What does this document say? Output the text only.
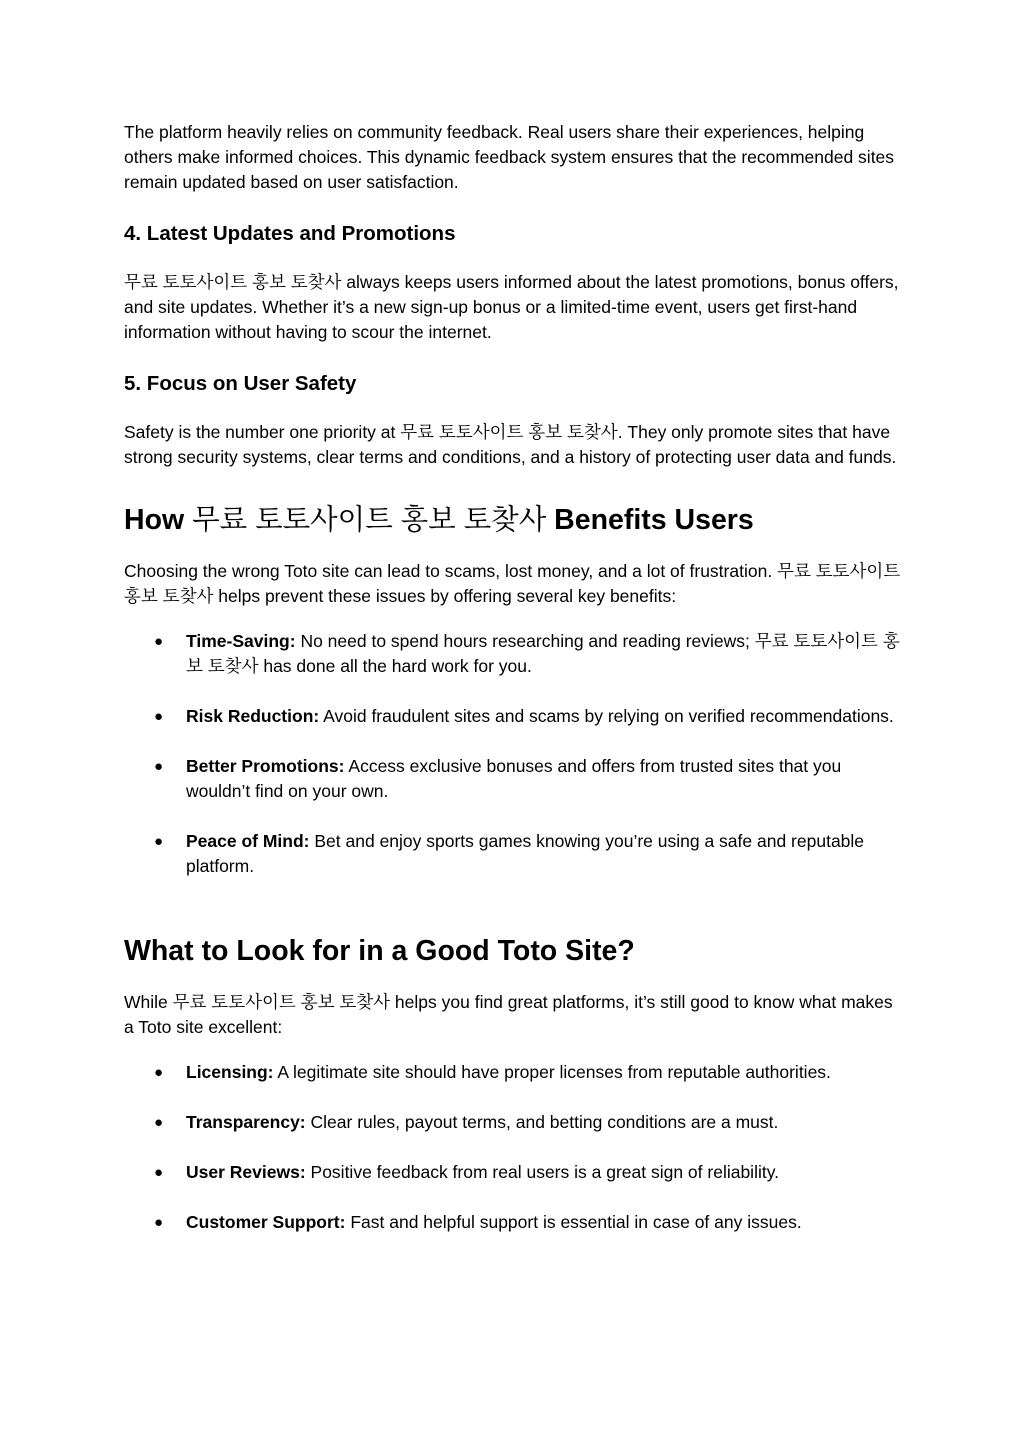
The platform heavily relies on community feedback. Real users share their experiences, helping others make informed choices. This dynamic feedback system ensures that the recommended sites remain updated based on user satisfaction.

4. Latest Updates and Promotions

무료 토토사이트 홍보 토찾사 always keeps users informed about the latest promotions, bonus offers, and site updates. Whether it’s a new sign-up bonus or a limited-time event, users get first-hand information without having to scour the internet.

5. Focus on User Safety

Safety is the number one priority at 무료 토토사이트 홍보 토찾사. They only promote sites that have strong security systems, clear terms and conditions, and a history of protecting user data and funds.

How 무료 토토사이트 홍보 토찾사 Benefits Users

Choosing the wrong Toto site can lead to scams, lost money, and a lot of frustration. 무료 토토사이트 홍보 토찾사 helps prevent these issues by offering several key benefits:

● Time-Saving: No need to spend hours researching and reading reviews; 무료 토토사이트 홍보 토찾사 has done all the hard work for you.
● Risk Reduction: Avoid fraudulent sites and scams by relying on verified recommendations.
● Better Promotions: Access exclusive bonuses and offers from trusted sites that you wouldn’t find on your own.
● Peace of Mind: Bet and enjoy sports games knowing you’re using a safe and reputable platform.
What to Look for in a Good Toto Site?

While 무료 토토사이트 홍보 토찾사 helps you find great platforms, it’s still good to know what makes a Toto site excellent:

● Licensing: A legitimate site should have proper licenses from reputable authorities.
● Transparency: Clear rules, payout terms, and betting conditions are a must.
● User Reviews: Positive feedback from real users is a great sign of reliability.
● Customer Support: Fast and helpful support is essential in case of any issues.
